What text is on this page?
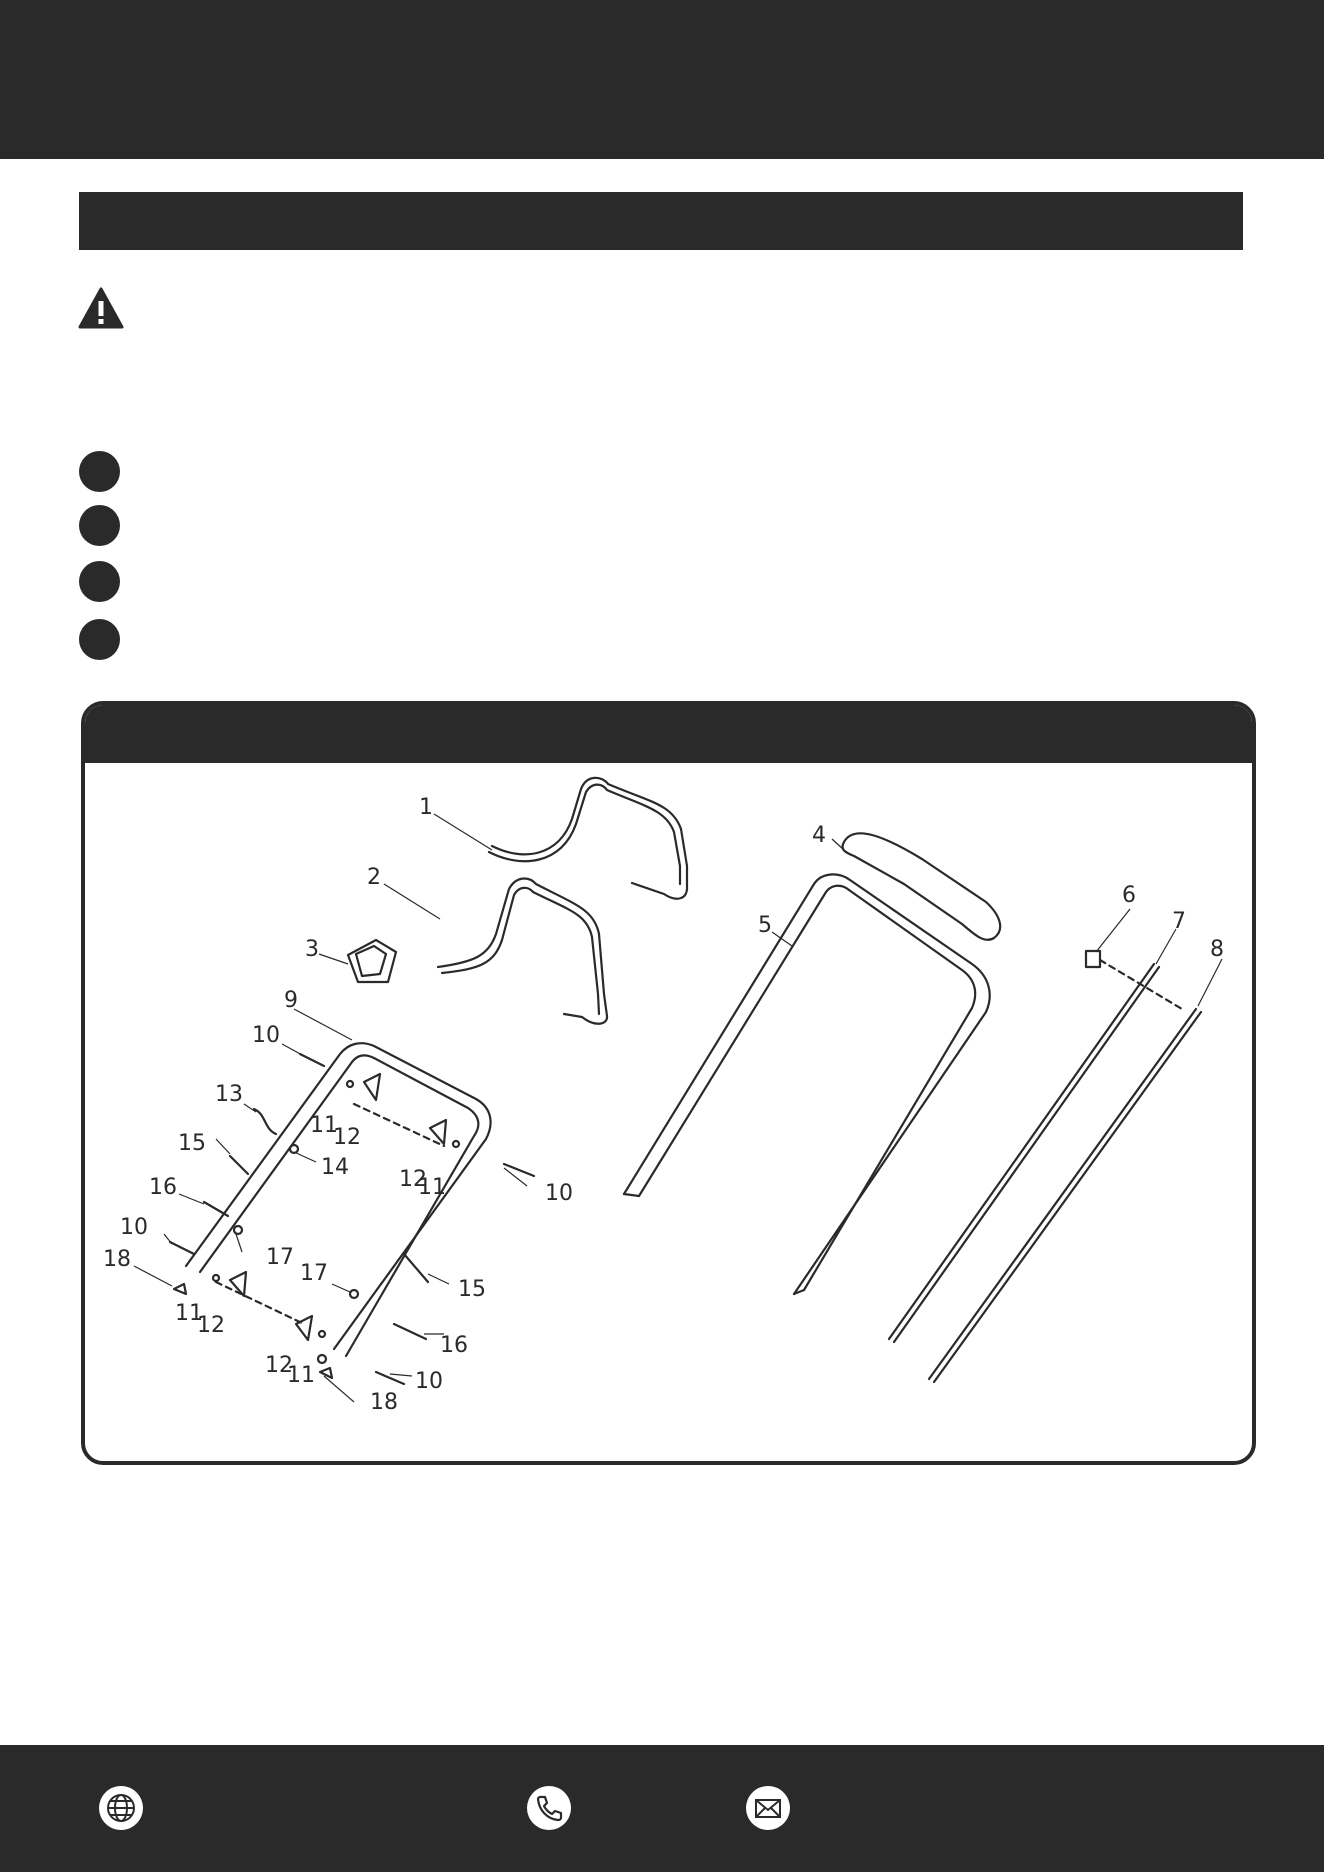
1
2
3
4
5
6
7
8
9
10
10
10
10
11
11
11
11
12
12
12
12
13
14
15
15
16
16
17
17
18
18
